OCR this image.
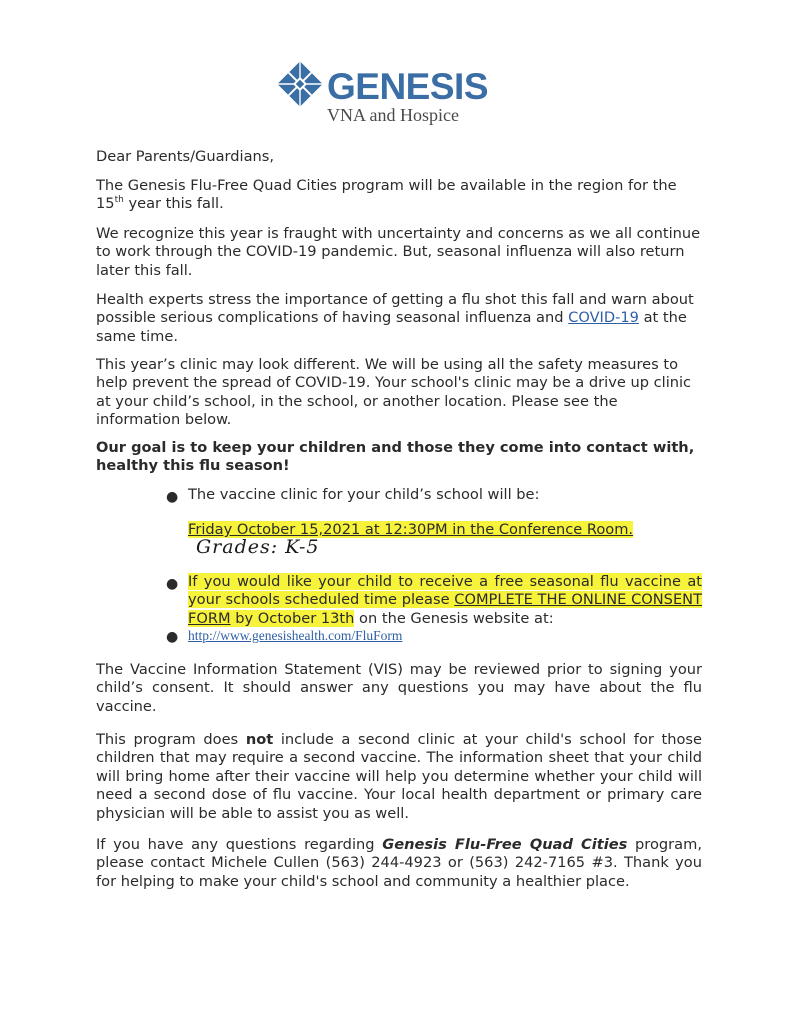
GENESIS
VNA and Hospice

Dear Parents/Guardians,

The Genesis Flu-Free Quad Cities program will be available in the region for the 15th year this fall.

We recognize this year is fraught with uncertainty and concerns as we all continue to work through the COVID-19 pandemic. But, seasonal influenza will also return later this fall.

Health experts stress the importance of getting a flu shot this fall and warn about possible serious complications of having seasonal influenza and COVID-19 at the same time.

This year’s clinic may look different. We will be using all the safety measures to help prevent the spread of COVID-19. Your school's clinic may be a drive up clinic at your child’s school, in the school, or another location. Please see the information below.

Our goal is to keep your children and those they come into contact with, healthy this flu season!

● The vaccine clinic for your child’s school will be:

Friday October 15,2021 at 12:30PM in the Conference Room.

Grades: K-5
● If you would like your child to receive a free seasonal flu vaccine at your schools scheduled time please COMPLETE THE ONLINE CONSENT FORM by October 13th on the Genesis website at:

● http://www.genesishealth.com/FluForm

The Vaccine Information Statement (VIS) may be reviewed prior to signing your child’s consent. It should answer any questions you may have about the flu vaccine.

This program does not include a second clinic at your child's school for those children that may require a second vaccine. The information sheet that your child will bring home after their vaccine will help you determine whether your child will need a second dose of flu vaccine. Your local health department or primary care physician will be able to assist you as well.

If you have any questions regarding Genesis Flu-Free Quad Cities program, please contact Michele Cullen (563) 244-4923 or (563) 242-7165 #3. Thank you for helping to make your child's school and community a healthier place.
